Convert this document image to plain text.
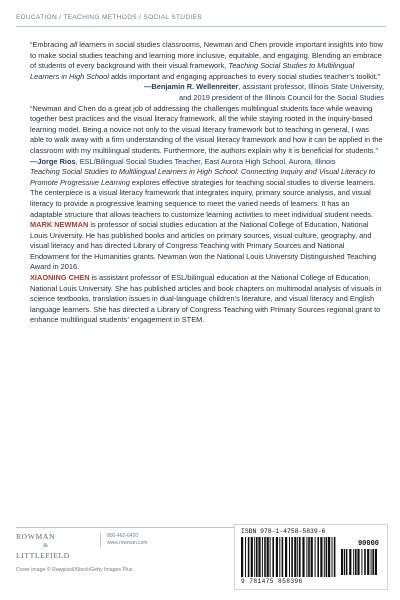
EDUCATION / TEACHING METHODS / SOCIAL STUDIES

“Embracing all learners in social studies classrooms, Newman and Chen provide important insights into how to make social studies teaching and learning more inclusive, equitable, and engaging. Blending an embrace of students of every background with their visual framework, Teaching Social Studies to Multilingual Learners in High School adds important and engaging approaches to every social studies teacher’s toolkit.”

—Benjamin R. Wellenreiter, assistant professor, Illinois State University,
and 2019 president of the Illinois Council for the Social Studies

“Newman and Chen do a great job of addressing the challenges multilingual students face while weaving together best practices and the visual literacy framework, all the while staying rooted in the inquiry-based learning model. Being a novice not only to the visual literacy framework but to teaching in general, I was able to walk away with a firm understanding of the visual literacy framework and how it can be applied in the classroom with my multilingual students. Furthermore, the authors explain why it is beneficial for students.”

—Jorge Rios, ESL/Bilingual Social Studies Teacher, East Aurora High School, Aurora, Illinois

Teaching Social Studies to Multilingual Learners in High School: Connecting Inquiry and Visual Literacy to Promote Progressive Learning explores effective strategies for teaching social studies to diverse learners. The centerpiece is a visual literacy framework that integrates inquiry, primary source analysis, and visual literacy to provide a progressive learning sequence to meet the varied needs of learners. It has an adaptable structure that allows teachers to customize learning activities to meet individual student needs.

MARK NEWMAN is professor of social studies education at the National College of Education, National Louis University. He has published books and articles on primary sources, visual culture, geography, and visual literacy and has directed Library of Congress Teaching with Primary Sources and National Endowment for the Humanities grants. Newman won the National Louis University Distinguished Teaching Award in 2016.

XIAONING CHEN is assistant professor of ESL/bilingual education at the National College of Education, National Louis University. She has published articles and book chapters on multimodal analysis of visuals in science textbooks, translation issues in dual-language children’s literature, and visual literacy and English language learners. She has directed a Library of Congress Teaching with Primary Sources regional grant to enhance multilingual students’ engagement in STEM.

ROWMAN
&
LITTLEFIELD
800-462-6420
www.rowman.com
Cover image © Rawpixel/iStock/Getty Images Plus
ISBN 978-1-4758-5839-6
90000
9 781475 858396
